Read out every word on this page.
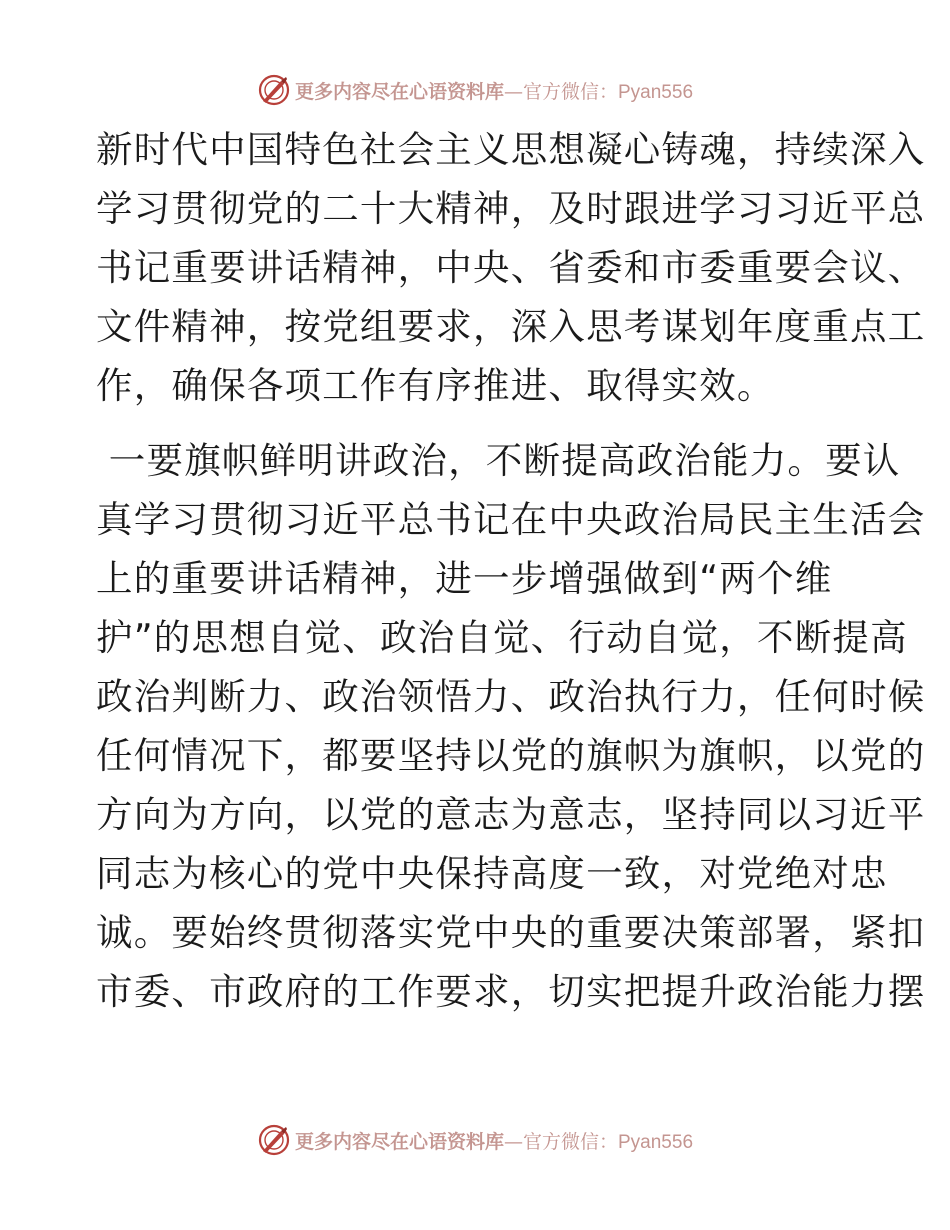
更多内容尽在心语资料库—官方微信：Pyan556
新时代中国特色社会主义思想凝心铸魂，持续深入
学习贯彻党的二十大精神，及时跟进学习习近平总
书记重要讲话精神，中央、省委和市委重要会议、
文件精神，按党组要求，深入思考谋划年度重点工
作，确保各项工作有序推进、取得实效。
一要旗帜鲜明讲政治，不断提高政治能力。要认
真学习贯彻习近平总书记在中央政治局民主生活会
上的重要讲话精神，进一步增强做到“两个维
护”的思想自觉、政治自觉、行动自觉，不断提高
政治判断力、政治领悟力、政治执行力，任何时候
任何情况下，都要坚持以党的旗帜为旗帜，以党的
方向为方向，以党的意志为意志，坚持同以习近平
同志为核心的党中央保持高度一致，对党绝对忠
诚。要始终贯彻落实党中央的重要决策部署，紧扣
市委、市政府的工作要求，切实把提升政治能力摆
更多内容尽在心语资料库—官方微信：Pyan556
